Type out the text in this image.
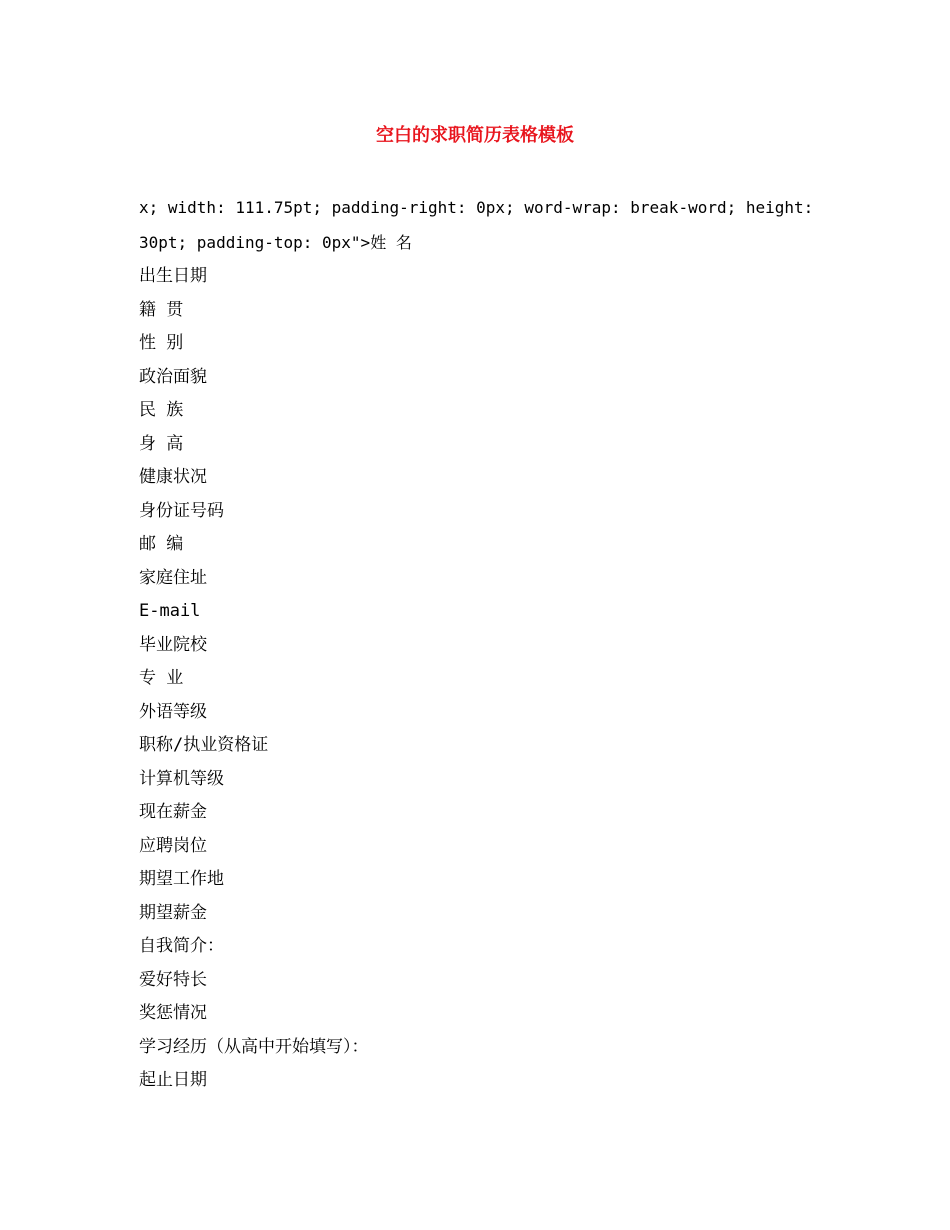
空白的求职简历表格模板

x; width: 111.75pt; padding-right: 0px; word-wrap: break-word; height:
30pt; padding-top: 0px">姓 名

出生日期
籍 贯
性 别
政治面貌
民 族
身 高
健康状况
身份证号码
邮 编
家庭住址
E-mail
毕业院校
专 业
外语等级
职称/执业资格证
计算机等级
现在薪金
应聘岗位
期望工作地
期望薪金
自我简介：
爱好特长
奖惩情况
学习经历（从高中开始填写）：
起止日期
